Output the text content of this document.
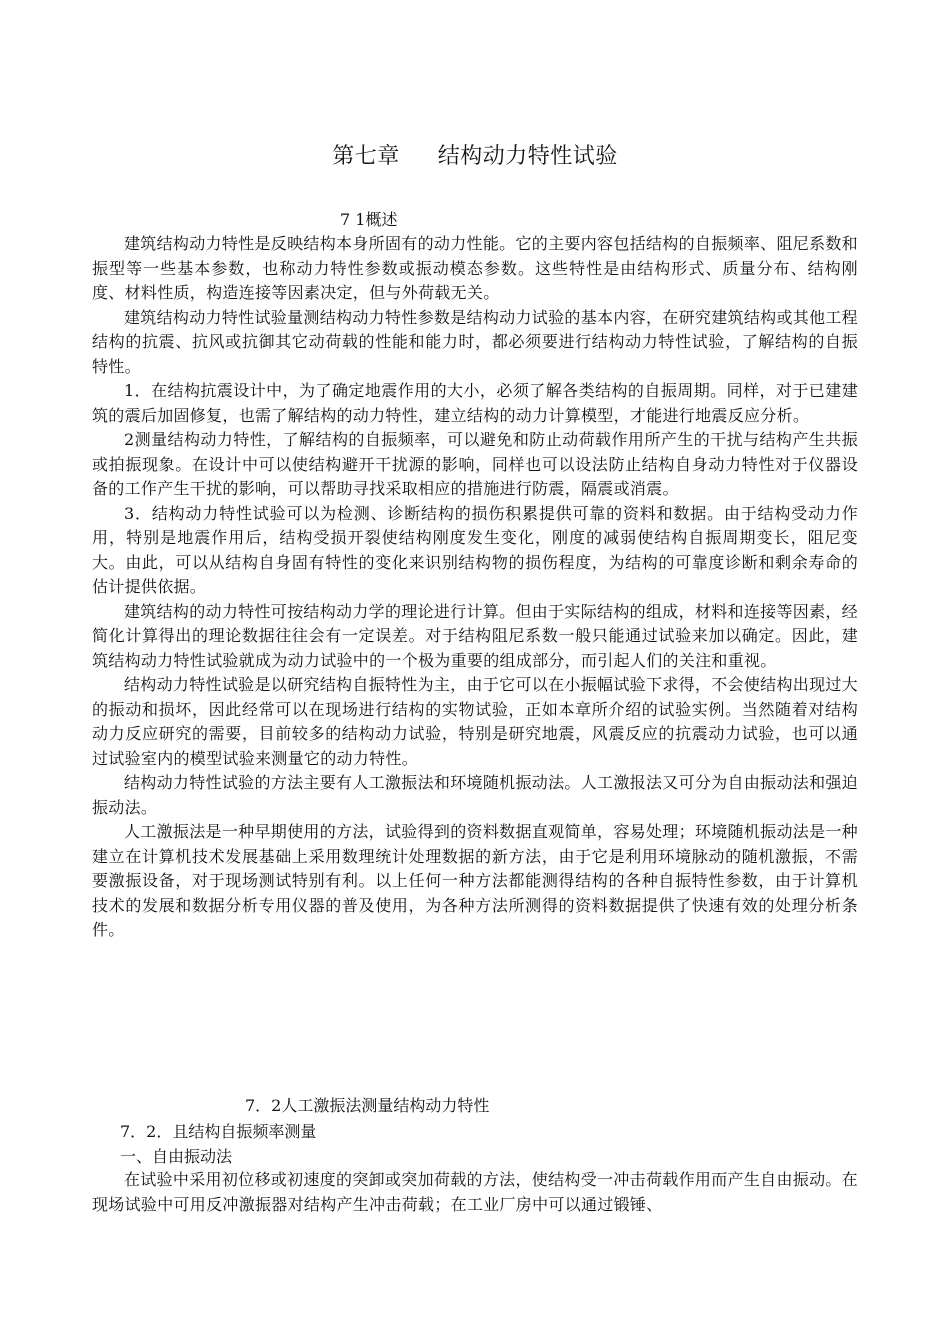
第七章 结构动力特性试验
7 1概述

建筑结构动力特性是反映结构本身所固有的动力性能。它的主要内容包括结构的自振频率、阻尼系数和振型等一些基本参数，也称动力特性参数或振动模态参数。这些特性是由结构形式、质量分布、结构刚度、材料性质，构造连接等因素决定，但与外荷载无关。

建筑结构动力特性试验量测结构动力特性参数是结构动力试验的基本内容，在研究建筑结构或其他工程结构的抗震、抗风或抗御其它动荷载的性能和能力时，都必须要进行结构动力特性试验，了解结构的自振特性。

1．在结构抗震设计中，为了确定地震作用的大小，必须了解各类结构的自振周期。同样，对于已建建筑的震后加固修复，也需了解结构的动力特性，建立结构的动力计算模型，才能进行地震反应分析。

2测量结构动力特性，了解结构的自振频率，可以避免和防止动荷载作用所产生的干扰与结构产生共振或拍振现象。在设计中可以使结构避开干扰源的影响，同样也可以设法防止结构自身动力特性对于仪器设备的工作产生干扰的影响，可以帮助寻找采取相应的措施进行防震，隔震或消震。

3．结构动力特性试验可以为检测、诊断结构的损伤积累提供可靠的资料和数据。由于结构受动力作用，特别是地震作用后，结构受损开裂使结构刚度发生变化，刚度的减弱使结构自振周期变长，阻尼变大。由此，可以从结构自身固有特性的变化来识别结构物的损伤程度，为结构的可靠度诊断和剩余寿命的估计提供依据。

建筑结构的动力特性可按结构动力学的理论进行计算。但由于实际结构的组成，材料和连接等因素，经简化计算得出的理论数据往往会有一定误差。对于结构阻尼系数一般只能通过试验来加以确定。因此，建筑结构动力特性试验就成为动力试验中的一个极为重要的组成部分，而引起人们的关注和重视。

结构动力特性试验是以研究结构自振特性为主，由于它可以在小振幅试验下求得，不会使结构出现过大的振动和损坏，因此经常可以在现场进行结构的实物试验，正如本章所介绍的试验实例。当然随着对结构动力反应研究的需要，目前较多的结构动力试验，特别是研究地震，风震反应的抗震动力试验，也可以通过试验室内的模型试验来测量它的动力特性。

结构动力特性试验的方法主要有人工激振法和环境随机振动法。人工激报法又可分为自由振动法和强迫振动法。

人工激振法是一种早期使用的方法，试验得到的资料数据直观简单，容易处理；环境随机振动法是一种建立在计算机技术发展基础上采用数理统计处理数据的新方法，由于它是利用环境脉动的随机激振，不需要激振设备，对于现场测试特别有利。以上任何一种方法都能测得结构的各种自振特性参数，由于计算机技术的发展和数据分析专用仪器的普及使用，为各种方法所测得的资料数据提供了快速有效的处理分析条件。

7．2人工激振法测量结构动力特性
7．2．且结构自振频率测量
一、自由振动法

在试验中采用初位移或初速度的突卸或突加荷载的方法，使结构受一冲击荷载作用而产生自由振动。在现场试验中可用反冲激振器对结构产生冲击荷载；在工业厂房中可以通过锻锤、
